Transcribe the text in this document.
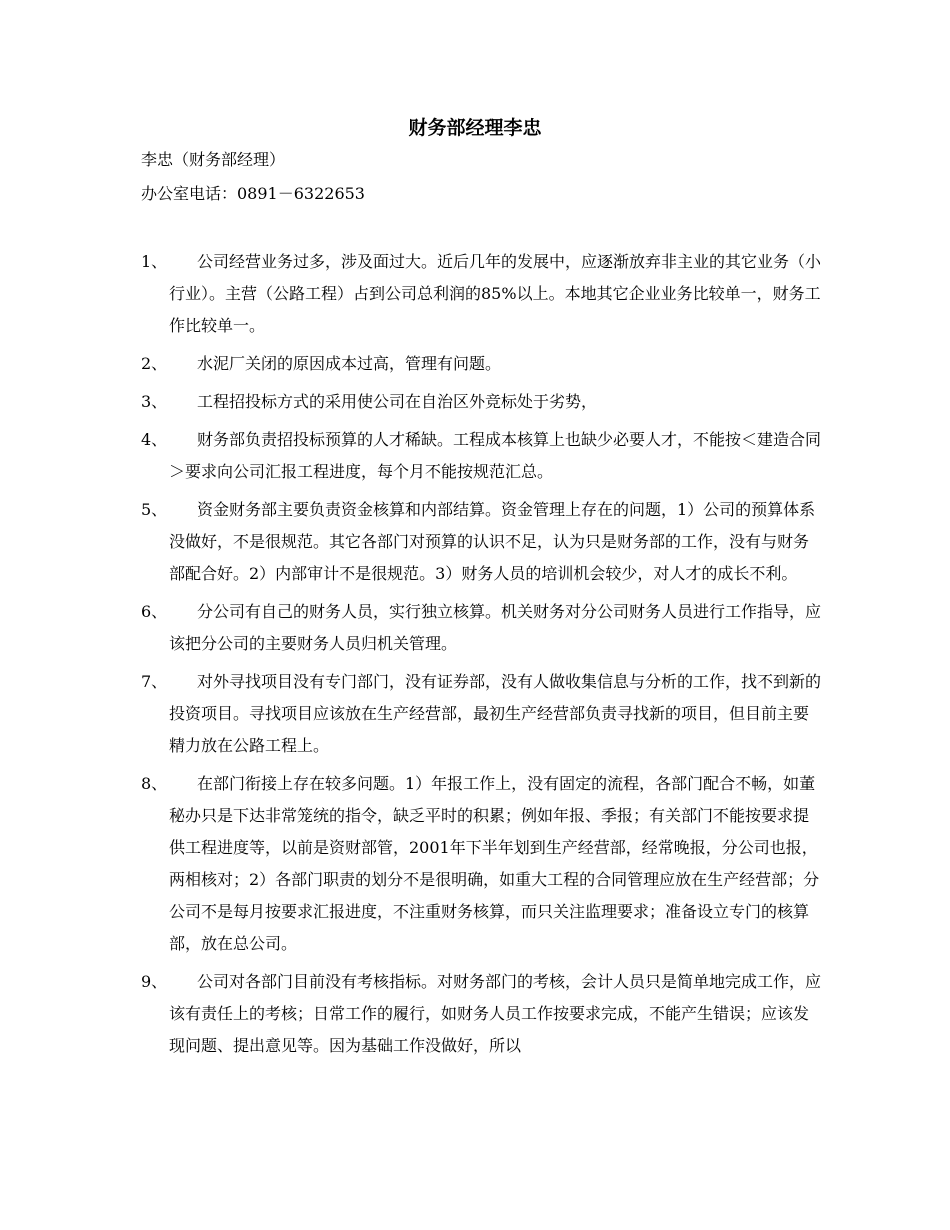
财务部经理李忠
李忠（财务部经理）
办公室电话：0891－6322653
1、	公司经营业务过多，涉及面过大。近后几年的发展中，应逐渐放弃非主业的其它业务（小行业）。主营（公路工程）占到公司总利润的85%以上。本地其它企业业务比较单一，财务工作比较单一。
2、	水泥厂关闭的原因成本过高，管理有问题。
3、	工程招投标方式的采用使公司在自治区外竞标处于劣势，
4、	财务部负责招投标预算的人才稀缺。工程成本核算上也缺少必要人才，不能按＜建造合同＞要求向公司汇报工程进度，每个月不能按规范汇总。
5、	资金财务部主要负责资金核算和内部结算。资金管理上存在的问题，1）公司的预算体系没做好，不是很规范。其它各部门对预算的认识不足，认为只是财务部的工作，没有与财务部配合好。2）内部审计不是很规范。3）财务人员的培训机会较少，对人才的成长不利。
6、	分公司有自己的财务人员，实行独立核算。机关财务对分公司财务人员进行工作指导，应该把分公司的主要财务人员归机关管理。
7、	对外寻找项目没有专门部门，没有证券部，没有人做收集信息与分析的工作，找不到新的投资项目。寻找项目应该放在生产经营部，最初生产经营部负责寻找新的项目，但目前主要精力放在公路工程上。
8、	在部门衔接上存在较多问题。1）年报工作上，没有固定的流程，各部门配合不畅，如董秘办只是下达非常笼统的指令，缺乏平时的积累；例如年报、季报；有关部门不能按要求提供工程进度等，以前是资财部管，2001年下半年划到生产经营部，经常晚报，分公司也报，两相核对；2）各部门职责的划分不是很明确，如重大工程的合同管理应放在生产经营部；分公司不是每月按要求汇报进度，不注重财务核算，而只关注监理要求；准备设立专门的核算部，放在总公司。
9、	公司对各部门目前没有考核指标。对财务部门的考核，会计人员只是简单地完成工作，应该有责任上的考核；日常工作的履行，如财务人员工作按要求完成，不能产生错误；应该发现问题、提出意见等。因为基础工作没做好，所以
